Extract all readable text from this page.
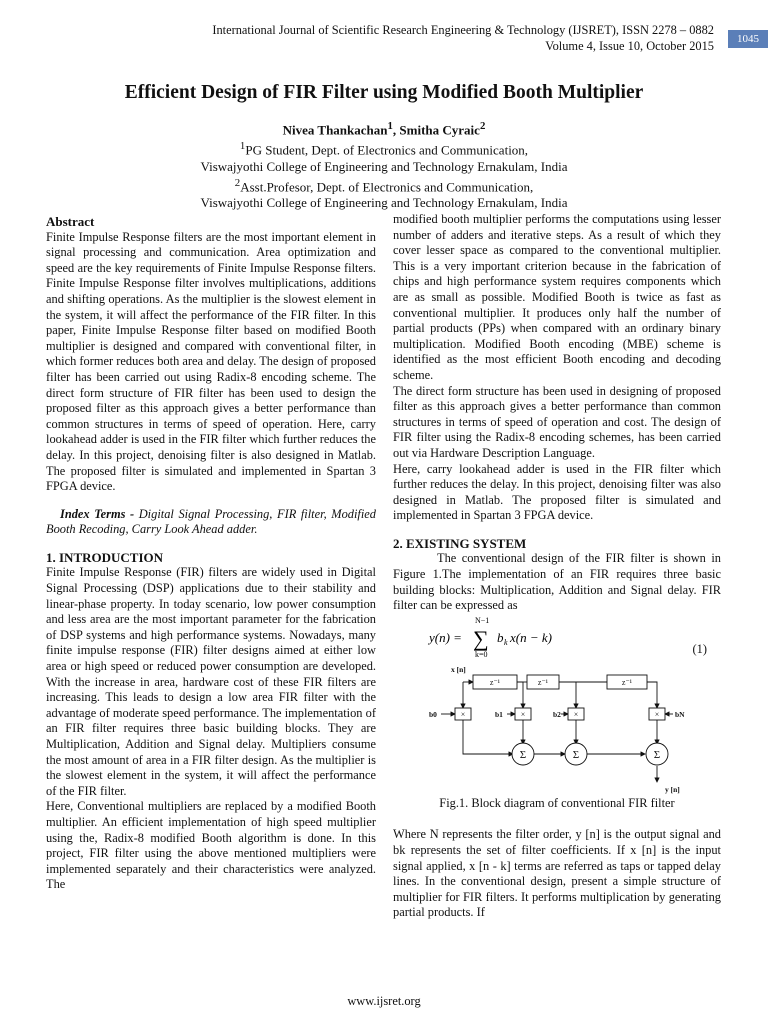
International Journal of Scientific Research Engineering & Technology (IJSRET), ISSN 2278 – 0882
Volume 4, Issue 10, October 2015	1045
Efficient Design of FIR Filter using Modified Booth Multiplier
Nivea Thankachan$^1$, Smitha Cyraic$^2$
$^1$PG Student, Dept. of Electronics and Communication,
Viswajyothi College of Engineering and Technology Ernakulam, India
$^2$Asst.Profesor, Dept. of Electronics and Communication,
Viswajyothi College of Engineering and Technology Ernakulam, India

Abstract

Finite Impulse Response filters are the most important element in signal processing and communication. Area optimization and speed are the key requirements of Finite Impulse Response filters. Finite Impulse Response filter involves multiplications, additions and shifting operations. As the multiplier is the slowest element in the system, it will affect the performance of the FIR filter. In this paper, Finite Impulse Response filter based on modified Booth multiplier is designed and compared with conventional filter, in which former reduces both area and delay. The design of proposed filter has been carried out using Radix-8 encoding scheme. The direct form structure of FIR filter has been used to design the proposed filter as this approach gives a better performance than common structures in terms of speed of operation. Here, carry lookahead adder is used in the FIR filter which further reduces the delay. In this project, denoising filter is also designed in Matlab. The proposed filter is simulated and implemented in Spartan 3 FPGA device.

Index Terms - Digital Signal Processing, FIR filter, Modified Booth Recoding, Carry Look Ahead adder.

1. INTRODUCTION

Finite Impulse Response (FIR) filters are widely used in Digital Signal Processing (DSP) applications due to their stability and linear-phase property. In today scenario, low power consumption and less area are the most important parameter for the fabrication of DSP systems and high performance systems. Nowadays, many finite impulse response (FIR) filter designs aimed at either low area or high speed or reduced power consumption are developed. With the increase in area, hardware cost of these FIR filters are increasing. This leads to design a low area FIR filter with the advantage of moderate speed performance. The implementation of an FIR filter requires three basic building blocks. They are Multiplication, Addition and Signal delay. Multipliers consume the most amount of area in a FIR filter design. As the multiplier is the slowest element in the system, it will affect the performance of the FIR filter.

Here, Conventional multipliers are replaced by a modified Booth multiplier. An efficient implementation of high speed multiplier using the, Radix-8 modified Booth algorithm is done. In this project, FIR filter using the above mentioned multipliers were implemented separately and their characteristics were analyzed. The

modified booth multiplier performs the computations using lesser number of adders and iterative steps. As a result of which they cover lesser space as compared to the conventional multiplier. This is a very important criterion because in the fabrication of chips and high performance system requires components which are as small as possible. Modified Booth is twice as fast as conventional multiplier. It produces only half the number of partial products (PPs) when compared with an ordinary binary multiplication. Modified Booth encoding (MBE) scheme is identified as the most efficient Booth encoding and decoding scheme.

The direct form structure has been used in designing of proposed filter as this approach gives a better performance than common structures in terms of speed of operation and cost. The design of FIR filter using the Radix-8 encoding schemes, has been carried out via Hardware Description Language.

Here, carry lookahead adder is used in the FIR filter which further reduces the delay. In this project, denoising filter was also designed in Matlab. The proposed filter is simulated and implemented in Spartan 3 FPGA device.

2. EXISTING SYSTEM

The conventional design of the FIR filter is shown in Figure 1.The implementation of an FIR requires three basic building blocks: Multiplication, Addition and Signal delay. FIR filter can be expressed as

y(n) =
N−1
∑
k=0
b k x(n − k)
(1)
z⁻¹	z⁻¹	z⁻¹
×	×	×	×
Σ	Σ	Σ
x [n]
b0	b1	b2	bN
y [n]

Fig.1. Block diagram of conventional FIR filter

Where N represents the filter order, y [n] is the output signal and bk represents the set of filter coefficients. If x [n] is the input signal applied, x [n - k] terms are referred as taps or tapped delay lines. In the conventional design, present a simple structure of multiplier for FIR filters. It performs multiplication by generating partial products. If

www.ijsret.org
